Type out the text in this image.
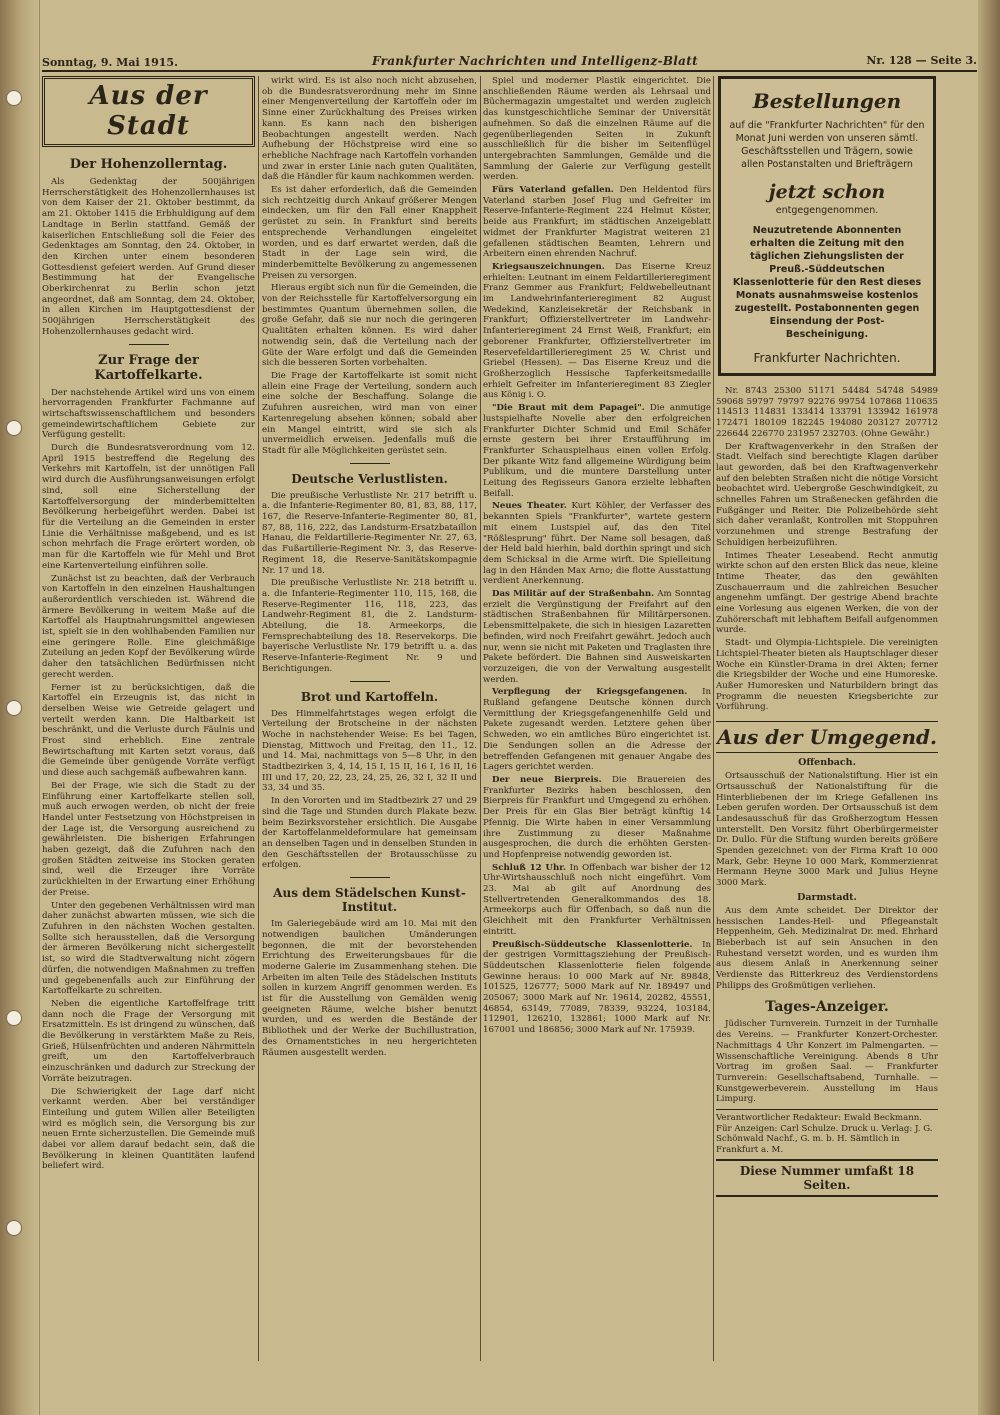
Sonntag, 9. Mai 1915.	Frankfurter Nachrichten und Intelligenz-Blatt	Nr. 128 — Seite 3.
Aus der Stadt
Der Hohenzollerntag.

Als Gedenktag der 500jährigen Herrscherstätigkeit des Hohenzollernhauses ist von dem Kaiser der 21. Oktober bestimmt, da am 21. Oktober 1415 die Erbhuldigung auf dem Landtage in Berlin stattfand. Gemäß der kaiserlichen Entschließung soll die Feier des Gedenktages am Sonntag, den 24. Oktober, in den Kirchen unter einem besonderen Gottesdienst gefeiert werden. Auf Grund dieser Bestimmung hat der Evangelische Oberkirchenrat zu Berlin schon jetzt angeordnet, daß am Sonntag, dem 24. Oktober, in allen Kirchen im Hauptgottesdienst der 500jährigen Herrscherstätigkeit des Hohenzollernhauses gedacht wird.

Zur Frage der Kartoffelkarte.

Der nachstehende Artikel wird uns von einem hervorragenden Frankfurter Fachmanne auf wirtschaftswissenschaftlichem und besonders gemeindewirtschaftlichem Gebiete zur Verfügung gestellt:

Durch die Bundesratsverordnung vom 12. April 1915 bestreffend die Regelung des Verkehrs mit Kartoffeln, ist der unnötigen Fall wird durch die Ausführungsanweisungen erfolgt sind, soll eine Sicherstellung der Kartoffelversorgung der minderbemittelten Bevölkerung herbeigeführt werden. Dabei ist für die Verteilung an die Gemeinden in erster Linie die Verhältnisse maßgebend, und es ist schon mehrfach die Frage erörtert worden, ob man für die Kartoffeln wie für Mehl und Brot eine Kartenverteilung einführen solle.

Zunächst ist zu beachten, daß der Verbrauch von Kartoffeln in den einzelnen Haushaltungen außerordentlich verschieden ist. Während die ärmere Bevölkerung in weitem Maße auf die Kartoffel als Hauptnahrungsmittel angewiesen ist, spielt sie in den wohlhabenden Familien nur eine geringere Rolle. Eine gleichmäßige Zuteilung an jeden Kopf der Bevölkerung würde daher den tatsächlichen Bedürfnissen nicht gerecht werden.

Ferner ist zu berücksichtigen, daß die Kartoffel ein Erzeugnis ist, das nicht in derselben Weise wie Getreide gelagert und verteilt werden kann. Die Haltbarkeit ist beschränkt, und die Verluste durch Fäulnis und Frost sind erheblich. Eine zentrale Bewirtschaftung mit Karten setzt voraus, daß die Gemeinde über genügende Vorräte verfügt und diese auch sachgemäß aufbewahren kann.

Bei der Frage, wie sich die Stadt zu der Einführung einer Kartoffelkarte stellen soll, muß auch erwogen werden, ob nicht der freie Handel unter Festsetzung von Höchstpreisen in der Lage ist, die Versorgung ausreichend zu gewährleisten. Die bisherigen Erfahrungen haben gezeigt, daß die Zufuhren nach den großen Städten zeitweise ins Stocken geraten sind, weil die Erzeuger ihre Vorräte zurückhielten in der Erwartung einer Erhöhung der Preise.

Unter den gegebenen Verhältnissen wird man daher zunächst abwarten müssen, wie sich die Zufuhren in den nächsten Wochen gestalten. Sollte sich herausstellen, daß die Versorgung der ärmeren Bevölkerung nicht sichergestellt ist, so wird die Stadtverwaltung nicht zögern dürfen, die notwendigen Maßnahmen zu treffen und gegebenenfalls auch zur Einführung der Kartoffelkarte zu schreiten.

Neben die eigentliche Kartoffelfrage tritt dann noch die Frage der Versorgung mit Ersatzmitteln. Es ist dringend zu wünschen, daß die Bevölkerung in verstärktem Maße zu Reis, Grieß, Hülsenfrüchten und anderen Nährmitteln greift, um den Kartoffelverbrauch einzuschränken und dadurch zur Streckung der Vorräte beizutragen.

Die Schwierigkeit der Lage darf nicht verkannt werden. Aber bei verständiger Einteilung und gutem Willen aller Beteiligten wird es möglich sein, die Versorgung bis zur neuen Ernte sicherzustellen. Die Gemeinde muß dabei vor allem darauf bedacht sein, daß die Bevölkerung in kleinen Quantitäten laufend beliefert wird.

wirkt wird. Es ist also noch nicht abzusehen, ob die Bundesratsverordnung mehr im Sinne einer Mengenverteilung der Kartoffeln oder im Sinne einer Zurückhaltung des Preises wirken kann. Es kann nach den bisherigen Beobachtungen angestellt werden. Nach Aufhebung der Höchstpreise wird eine so erhebliche Nachfrage nach Kartoffeln vorhanden und zwar in erster Linie nach guten Qualitäten, daß die Händler für kaum nachkommen werden.

Es ist daher erforderlich, daß die Gemeinden sich rechtzeitig durch Ankauf größerer Mengen eindecken, um für den Fall einer Knappheit gerüstet zu sein. In Frankfurt sind bereits entsprechende Verhandlungen eingeleitet worden, und es darf erwartet werden, daß die Stadt in der Lage sein wird, die minderbemittelte Bevölkerung zu angemessenen Preisen zu versorgen.

Hieraus ergibt sich nun für die Gemeinden, die von der Reichsstelle für Kartoffelversorgung ein bestimmtes Quantum übernehmen sollen, die große Gefahr, daß sie nur noch die geringeren Qualitäten erhalten können. Es wird daher notwendig sein, daß die Verteilung nach der Güte der Ware erfolgt und daß die Gemeinden sich die besseren Sorten vorbehalten.

Die Frage der Kartoffelkarte ist somit nicht allein eine Frage der Verteilung, sondern auch eine solche der Beschaffung. Solange die Zufuhren ausreichen, wird man von einer Kartenregelung absehen können; sobald aber ein Mangel eintritt, wird sie sich als unvermeidlich erweisen. Jedenfalls muß die Stadt für alle Möglichkeiten gerüstet sein.

Deutsche Verlustlisten.

Die preußische Verlustliste Nr. 217 betrifft u. a. die Infanterie-Regimenter 80, 81, 83, 88, 117, 167, die Reserve-Infanterie-Regimenter 80, 81, 87, 88, 116, 222, das Landsturm-Ersatzbataillon Hanau, die Feldartillerie-Regimenter Nr. 27, 63, das Fußartillerie-Regiment Nr. 3, das Reserve-Regiment 18, die Reserve-Sanitätskompagnie Nr. 17 und 18.

Die preußische Verlustliste Nr. 218 betrifft u. a. die Infanterie-Regimenter 110, 115, 168, die Reserve-Regimenter 116, 118, 223, das Landwehr-Regiment 81, die 2. Landsturm-Abteilung, die 18. Armeekorps, die Fernsprechabteilung des 18. Reservekorps. Die bayerische Verlustliste Nr. 179 betrifft u. a. das Reserve-Infanterie-Regiment Nr. 9 und Berichtigungen.

Brot und Kartoffeln.

Des Himmelfahrtstages wegen erfolgt die Verteilung der Brotscheine in der nächsten Woche in nachstehender Weise: Es bei Tagen, Dienstag, Mittwoch und Freitag, den 11., 12. und 14. Mai, nachmittags von 5—8 Uhr, in den Stadtbezirken 3, 4, 14, 15 I, 15 II, 16 I, 16 II, 16 III und 17, 20, 22, 23, 24, 25, 26, 32 I, 32 II und 33, 34 und 35.

In den Vororten und im Stadtbezirk 27 und 29 sind die Tage und Stunden durch Plakate bezw. beim Bezirksvorsteher ersichtlich. Die Ausgabe der Kartoffelanmeldeformulare hat gemeinsam an denselben Tagen und in denselben Stunden in den Geschäftsstellen der Brotausschüsse zu erfolgen.

Aus dem Städelschen Kunst-Institut.

Im Galeriegebäude wird am 10. Mai mit den notwendigen baulichen Umänderungen begonnen, die mit der bevorstehenden Errichtung des Erweiterungsbaues für die moderne Galerie im Zusammenhang stehen. Die Arbeiten im alten Teile des Städelschen Instituts sollen in kurzem Angriff genommen werden. Es ist für die Ausstellung von Gemälden wenig geeigneten Räume, welche bisher benutzt wurden, und es werden die Bestände der Bibliothek und der Werke der Buchillustration, des Ornamentstiches in neu hergerichteten Räumen ausgestellt werden.

Spiel und moderner Plastik eingerichtet. Die anschließenden Räume werden als Lehrsaal und Büchermagazin umgestaltet und werden zugleich das kunstgeschichtliche Seminar der Universität aufnehmen. So daß die einzelnen Räume auf die gegenüberliegenden Seiten in Zukunft ausschließlich für die bisher im Seitenflügel untergebrachten Sammlungen, Gemälde und die Sammlung der Galerie zur Verfügung gestellt werden.

Fürs Vaterland gefallen. Den Heldentod fürs Vaterland starben Josef Flug und Gefreiter im Reserve-Infanterie-Regiment 224 Helmut Köster, beide aus Frankfurt; im städtischen Anzeigeblatt widmet der Frankfurter Magistrat weiteren 21 gefallenen städtischen Beamten, Lehrern und Arbeitern einen ehrenden Nachruf.

Kriegsauszeichnungen. Das Eiserne Kreuz erhielten: Leutnant im einem Feldartillerieregiment Franz Gemmer aus Frankfurt; Feldwebelleutnant im Landwehrinfanterieregiment 82 August Wedekind, Kanzleisekretär der Reichsbank in Frankfurt; Offizierstellvertreter im Landwehr-Infanterieregiment 24 Ernst Weiß, Frankfurt; ein geborener Frankfurter, Offizierstellvertreter im Reservefeldartillerieregiment 25 W. Christ und Griebel (Hessen). — Das Eiserne Kreuz und die Großherzoglich Hessische Tapferkeitsmedaille erhielt Gefreiter im Infanterieregiment 83 Ziegler aus König i. O.

"Die Braut mit dem Papagei". Die anmutige lustspielhafte Novelle aber den erfolgreichen Frankfurter Dichter Schmid und Emil Schäfer ernste gestern bei ihrer Erstaufführung im Frankfurter Schauspielhaus einen vollen Erfolg. Der pikante Witz fand allgemeine Würdigung beim Publikum, und die muntere Darstellung unter Leitung des Regisseurs Ganora erzielte lebhaften Beifall.

Neues Theater. Kurt Köhler, der Verfasser des bekannten Spiels "Frankfurter", wartete gestern mit einem Lustspiel auf, das den Titel "Rößlesprung" führt. Der Name soll besagen, daß der Held bald hierhin, bald dorthin springt und sich dem Schicksal in die Arme wirft. Die Spielleitung lag in den Händen Max Arno; die flotte Ausstattung verdient Anerkennung.

Das Militär auf der Straßenbahn. Am Sonntag erzielt die Vergünstigung der Freifahrt auf den städtischen Straßenbahnen für Militärpersonen. Lebensmittelpakete, die sich in hiesigen Lazaretten befinden, wird noch Freifahrt gewährt. Jedoch auch nur, wenn sie nicht mit Paketen und Traglasten ihre Pakete befördert. Die Bahnen sind Ausweiskarten vorzuzeigen, die von der Verwaltung ausgestellt werden.

Verpflegung der Kriegsgefangenen. In Rußland gefangene Deutsche können durch Vermittlung der Kriegsgefangenenhilfe Geld und Pakete zugesandt werden. Letztere gehen über Schweden, wo ein amtliches Büro eingerichtet ist. Die Sendungen sollen an die Adresse der betreffenden Gefangenen mit genauer Angabe des Lagers gerichtet werden.

Der neue Bierpreis. Die Brauereien des Frankfurter Bezirks haben beschlossen, den Bierpreis für Frankfurt und Umgegend zu erhöhen. Der Preis für ein Glas Bier beträgt künftig 14 Pfennig. Die Wirte haben in einer Versammlung ihre Zustimmung zu dieser Maßnahme ausgesprochen, die durch die erhöhten Gersten- und Hopfenpreise notwendig geworden ist.

Schluß 12 Uhr. In Offenbach war bisher der 12 Uhr-Wirtshausschluß noch nicht eingeführt. Vom 23. Mai ab gilt auf Anordnung des Stellvertretenden Generalkommandos des 18. Armeekorps auch für Offenbach, so daß nun die Gleichheit mit den Frankfurter Verhältnissen eintritt.

Preußisch-Süddeutsche Klassenlotterie. In der gestrigen Vormittagsziehung der Preußisch-Süddeutschen Klassenlotterie fielen folgende Gewinne heraus: 10 000 Mark auf Nr. 89848, 101525, 126777; 5000 Mark auf Nr. 189497 und 205067; 3000 Mark auf Nr. 19614, 20282, 45551, 46854, 63149, 77089, 78339, 93224, 103184, 112901, 126210, 132861; 1000 Mark auf Nr. 167001 und 186856; 3000 Mark auf Nr. 175939.

Bestellungen
auf die "Frankfurter Nachrichten" für den Monat Juni werden von unseren sämtl. Geschäftsstellen und Trägern, sowie allen Postanstalten und Briefträgern
jetzt schon
entgegengenommen.
Neuzutretende Abonnenten erhalten die Zeitung mit den täglichen Ziehungslisten der Preuß.-Süddeutschen Klassenlotterie für den Rest dieses Monats ausnahmsweise kostenlos zugestellt. Postabonnenten gegen Einsendung der Post-Bescheinigung.
Frankfurter Nachrichten.

Nr. 8743 25300 51171 54484 54748 54989 59068 59797 79797 92276 99754 107868 110635 114513 114831 133414 133791 133942 161978 172471 180109 182245 194080 203127 207712 226644 226770 231957 232703. (Ohne Gewähr.)

Der Kraftwagenverkehr in den Straßen der Stadt. Vielfach sind berechtigte Klagen darüber laut geworden, daß bei den Kraftwagenverkehr auf den belebten Straßen nicht die nötige Vorsicht beobachtet wird. Uebergroße Geschwindigkeit, zu schnelles Fahren um Straßenecken gefährden die Fußgänger und Reiter. Die Polizeibehörde sieht sich daher veranlaßt, Kontrollen mit Stoppuhren vorzunehmen und strenge Bestrafung der Schuldigen herbeizuführen.

Intimes Theater Leseabend. Recht anmutig wirkte schon auf den ersten Blick das neue, kleine Intime Theater, das den gewählten Zuschauerraum und die zahlreichen Besucher angenehm umfängt. Der gestrige Abend brachte eine Vorlesung aus eigenen Werken, die von der Zuhörerschaft mit lebhaftem Beifall aufgenommen wurde.

Stadt- und Olympia-Lichtspiele. Die vereinigten Lichtspiel-Theater bieten als Hauptschlager dieser Woche ein Künstler-Drama in drei Akten; ferner die Kriegsbilder der Woche und eine Humoreske. Außer Humoresken und Naturbildern bringt das Programm die neuesten Kriegsberichte zur Vorführung.

Aus der Umgegend.
Offenbach.

Ortsausschuß der Nationalstiftung. Hier ist ein Ortsausschuß der Nationalstiftung für die Hinterbliebenen der im Kriege Gefallenen ins Leben gerufen worden. Der Ortsausschuß ist dem Landesausschuß für das Großherzogtum Hessen unterstellt. Den Vorsitz führt Oberbürgermeister Dr. Dullo. Für die Stiftung wurden bereits größere Spenden gezeichnet: von der Firma Kraft 10 000 Mark, Gebr. Heyne 10 000 Mark, Kommerzienrat Hermann Heyne 3000 Mark und Julius Heyne 3000 Mark.

Darmstadt.

Aus dem Amte scheidet. Der Direktor der hessischen Landes-Heil- und Pflegeanstalt Heppenheim, Geh. Medizinalrat Dr. med. Ehrhard Bieberbach ist auf sein Ansuchen in den Ruhestand versetzt worden, und es wurden ihm aus diesem Anlaß in Anerkennung seiner Verdienste das Ritterkreuz des Verdienstordens Philipps des Großmütigen verliehen.

Tages-Anzeiger.

Jüdischer Turnverein. Turnzeit in der Turnhalle des Vereins. — Frankfurter Konzert-Orchester. Nachmittags 4 Uhr Konzert im Palmengarten. — Wissenschaftliche Vereinigung. Abends 8 Uhr Vortrag im großen Saal. — Frankfurter Turnverein: Gesellschaftsabend, Turnhalle. — Kunstgewerbeverein. Ausstellung im Haus Limpurg.

Verantwortlicher Redakteur: Ewald Beckmann. Für Anzeigen: Carl Schulze. Druck u. Verlag: J. G. Schönwald Nachf., G. m. b. H. Sämtlich in Frankfurt a. M.
Diese Nummer umfaßt 18 Seiten.
